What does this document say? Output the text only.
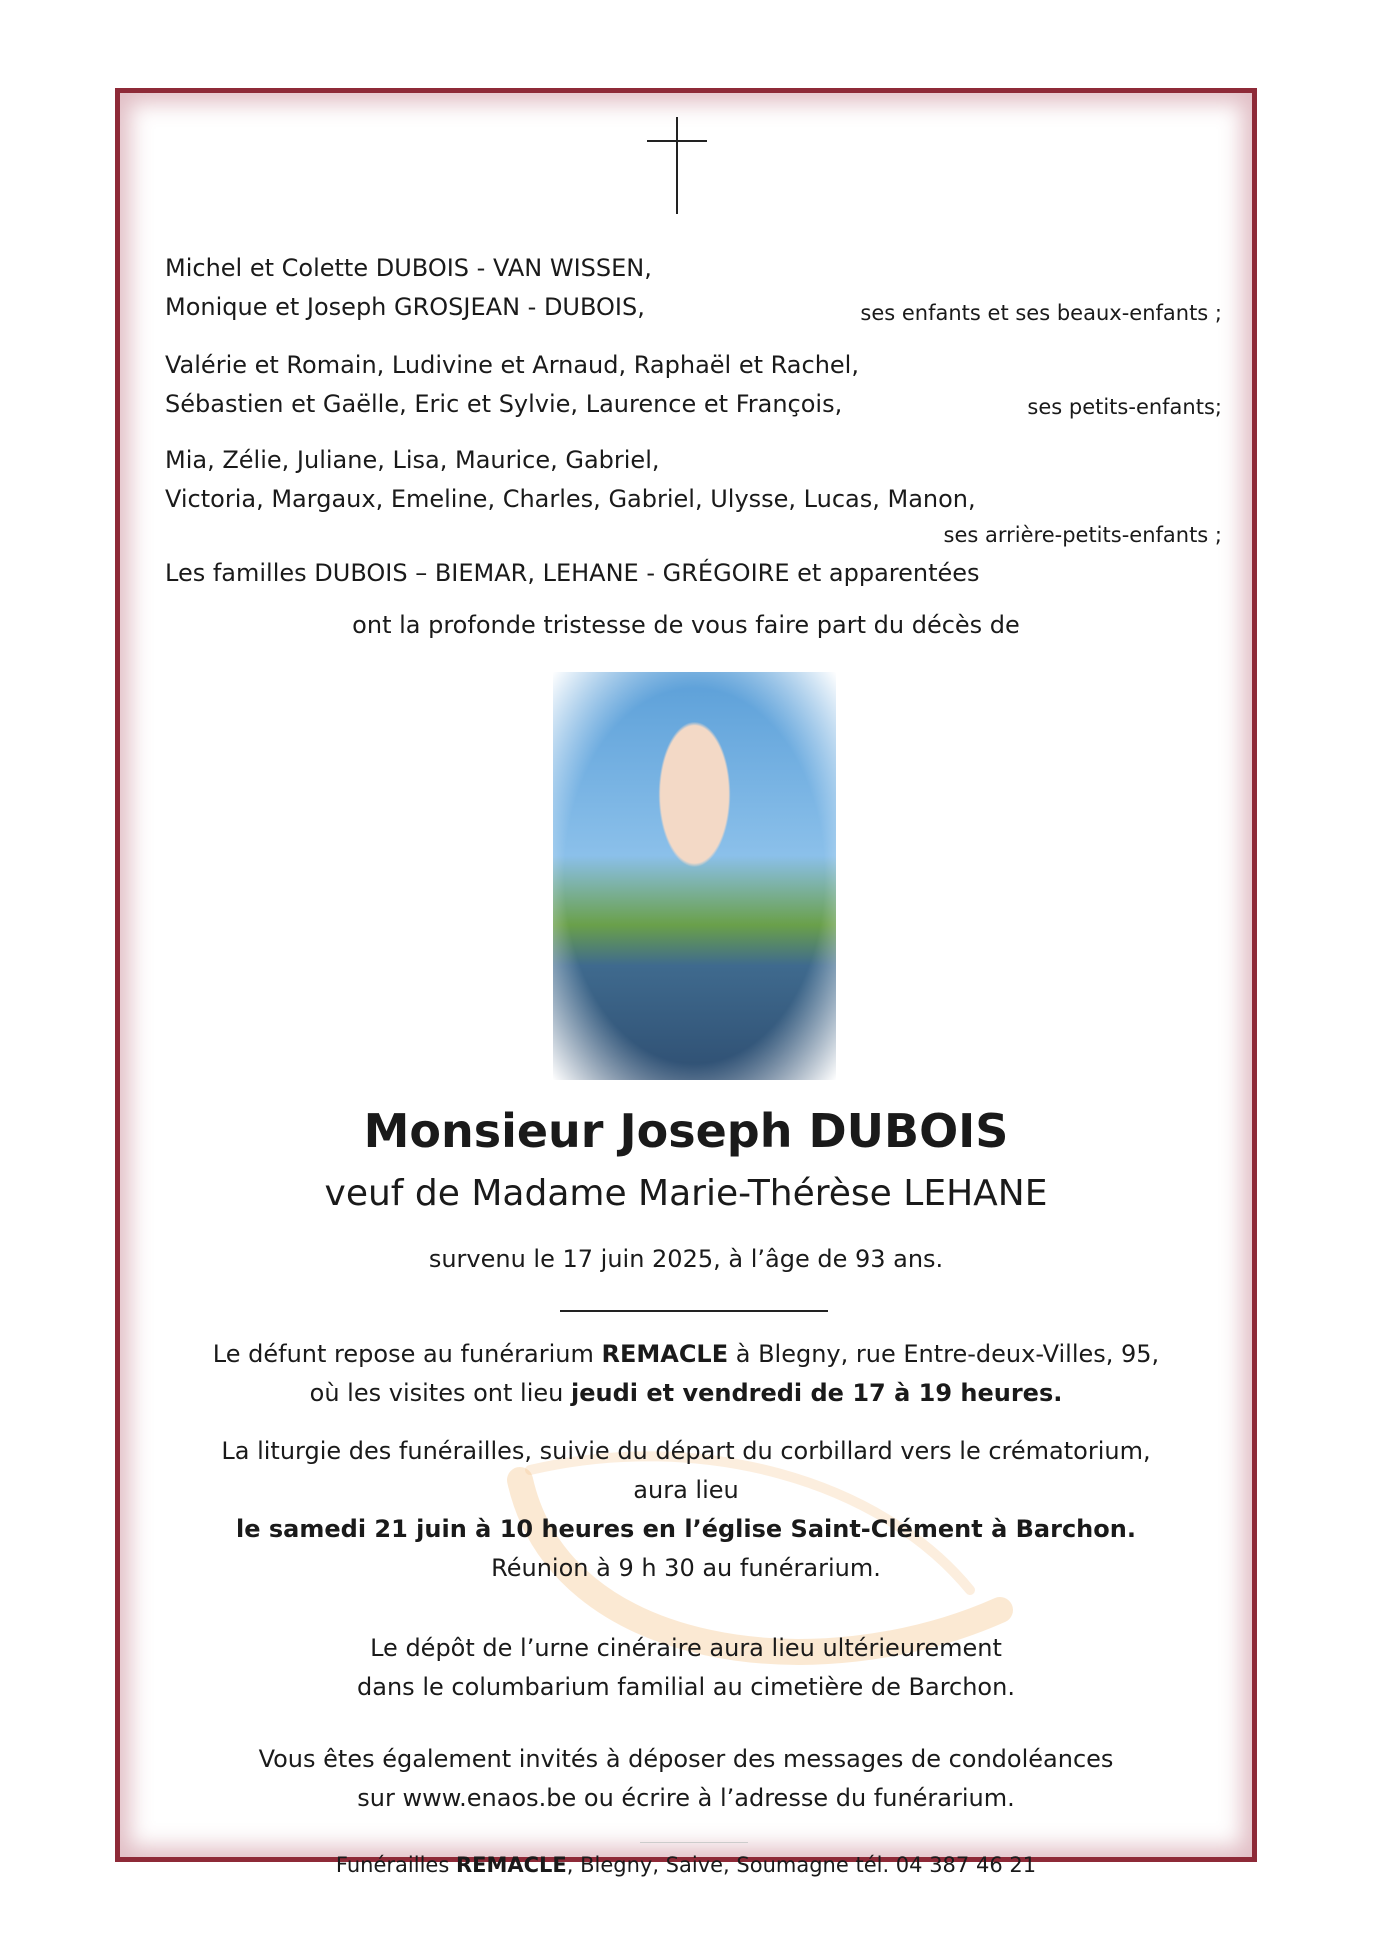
Michel et Colette DUBOIS - VAN WISSEN,
Monique et Joseph GROSJEAN - DUBOIS,	ses enfants et ses beaux-enfants ;
Valérie et Romain, Ludivine et Arnaud, Raphaël et Rachel,
Sébastien et Gaëlle, Eric et Sylvie, Laurence et François,	ses petits-enfants;
Mia, Zélie, Juliane, Lisa, Maurice, Gabriel,
Victoria, Margaux, Emeline, Charles, Gabriel, Ulysse, Lucas, Manon,
ses arrière-petits-enfants ;
Les familles DUBOIS – BIEMAR, LEHANE - GRÉGOIRE et apparentées
ont la profonde tristesse de vous faire part du décès de
Monsieur Joseph DUBOIS
veuf de Madame Marie-Thérèse LEHANE
survenu le 17 juin 2025, à l’âge de 93 ans.
Le défunt repose au funérarium REMACLE à Blegny, rue Entre-deux-Villes, 95,
où les visites ont lieu jeudi et vendredi de 17 à 19 heures.
La liturgie des funérailles, suivie du départ du corbillard vers le crématorium,
aura lieu
le samedi 21 juin à 10 heures en l’église Saint-Clément à Barchon.
Réunion à 9 h 30 au funérarium.
Le dépôt de l’urne cinéraire aura lieu ultérieurement
dans le columbarium familial au cimetière de Barchon.
Vous êtes également invités à déposer des messages de condoléances
sur www.enaos.be ou écrire à l’adresse du funérarium.
Funérailles REMACLE, Blegny, Saive, Soumagne tél. 04 387 46 21
